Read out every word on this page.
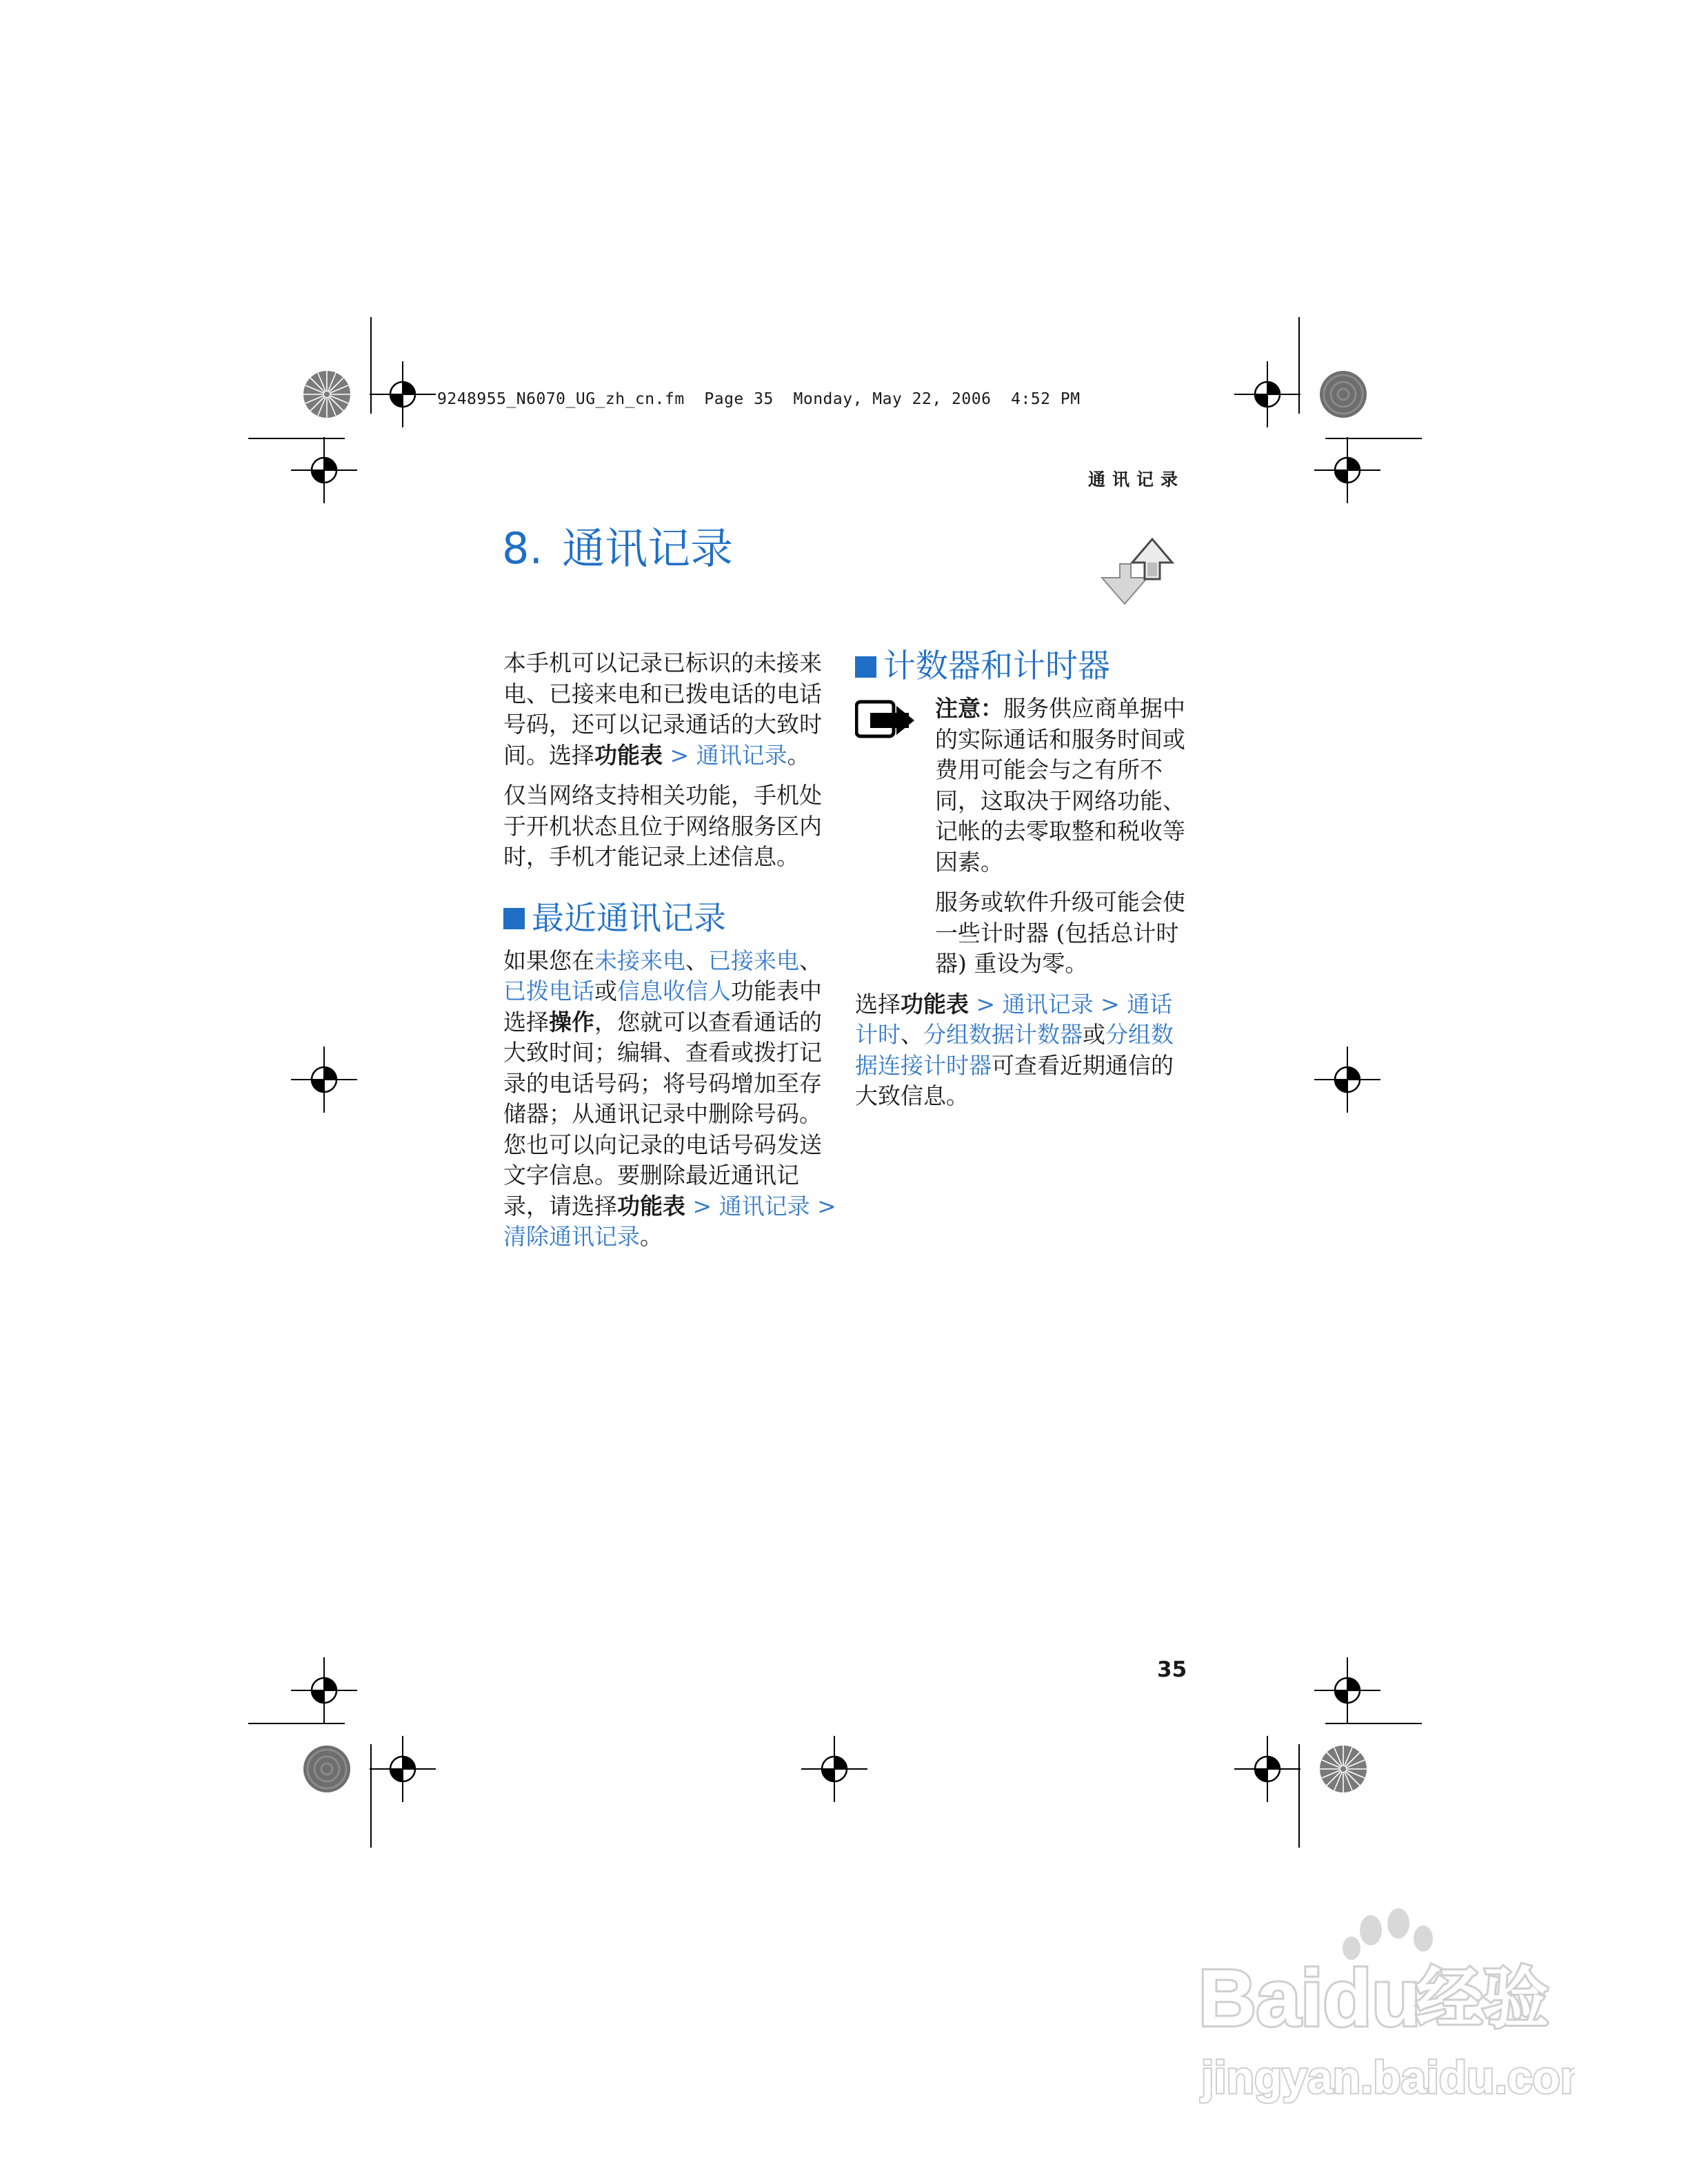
9248955_N6070_UG_zh_cn.fm  Page 35  Monday, May 22, 2006  4:52 PM
通讯记录
8. 通讯记录

本手机可以记录已标识的未接来电、已接来电和已拨电话的电话号码，还可以记录通话的大致时间。选择功能表 > 通讯记录。

仅当网络支持相关功能，手机处于开机状态且位于网络服务区内时，手机才能记录上述信息。

最近通讯记录

如果您在未接来电、已接来电、已拨电话或信息收信人功能表中选择操作，您就可以查看通话的大致时间；编辑、查看或拨打记录的电话号码；将号码增加至存储器；从通讯记录中删除号码。您也可以向记录的电话号码发送文字信息。要删除最近通讯记录，请选择功能表 > 通讯记录 > 清除通讯记录。

计数器和计时器

注意：服务供应商单据中的实际通话和服务时间或费用可能会与之有所不同，这取决于网络功能、记帐的去零取整和税收等因素。

服务或软件升级可能会使一些计时器 (包括总计时器) 重设为零。

选择功能表 > 通讯记录 > 通话计时、分组数据计数器或分组数据连接计时器可查看近期通信的大致信息。

35
Baidu
经验
jingyan.baidu.com
